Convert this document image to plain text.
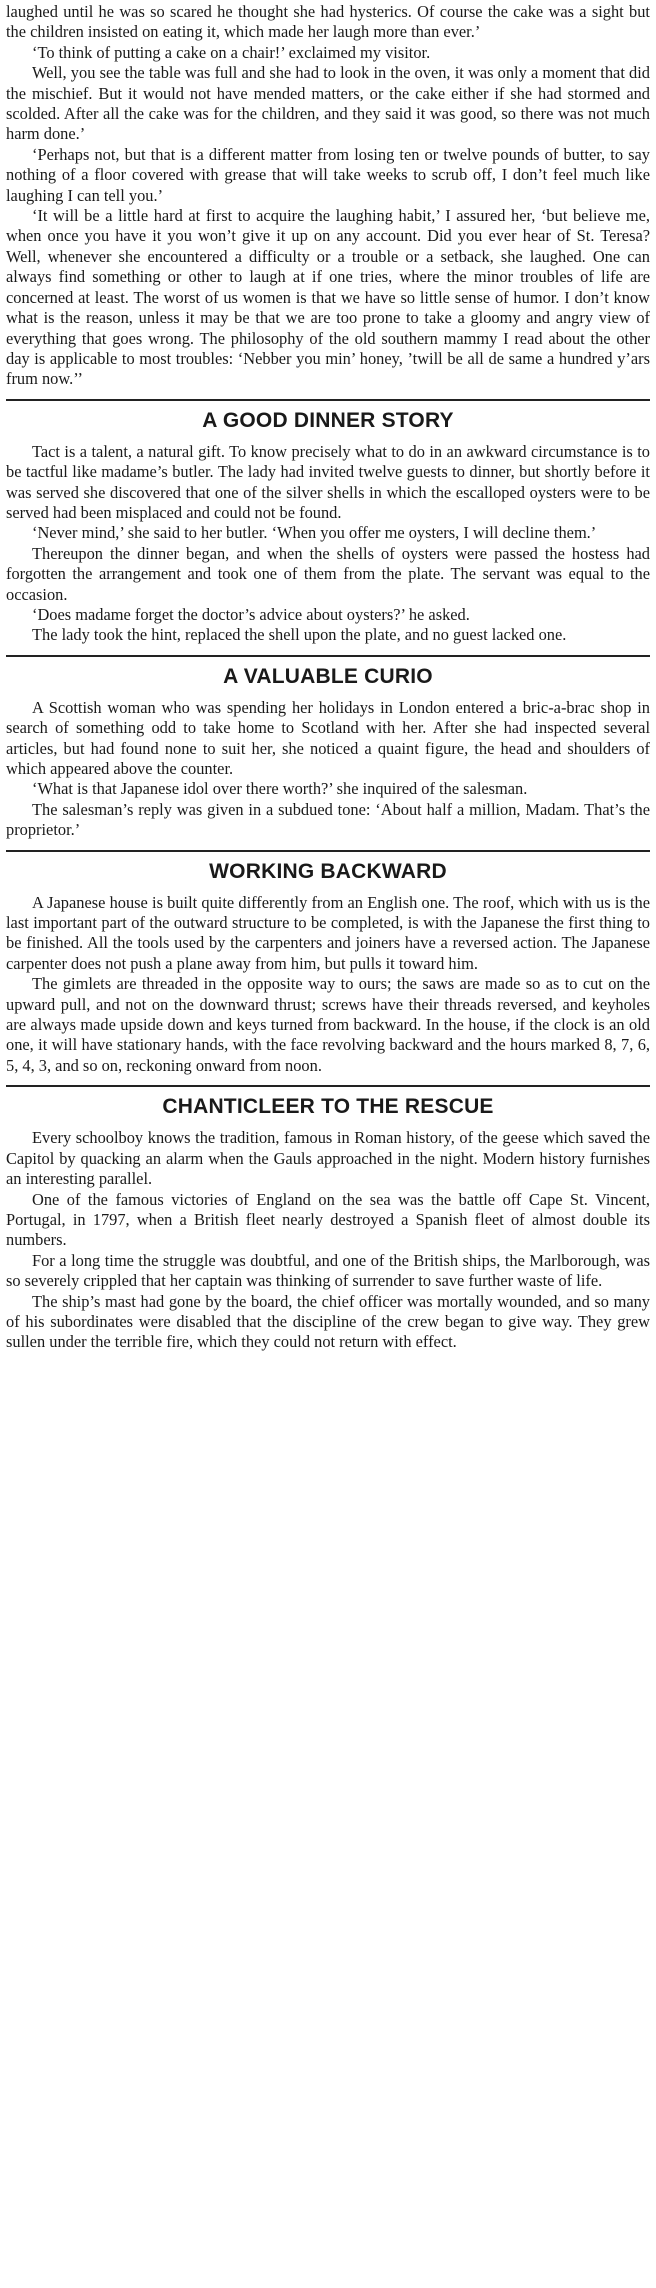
laughed until he was so scared he thought she had hysterics. Of course the cake was a sight but the children insisted on eating it, which made her laugh more than ever.’

‘To think of putting a cake on a chair!’ exclaimed my visitor.

Well, you see the table was full and she had to look in the oven, it was only a moment that did the mischief. But it would not have mended matters, or the cake either if she had stormed and scolded. After all the cake was for the children, and they said it was good, so there was not much harm done.’

‘Perhaps not, but that is a different matter from losing ten or twelve pounds of butter, to say nothing of a floor covered with grease that will take weeks to scrub off, I don’t feel much like laughing I can tell you.’

‘It will be a little hard at first to acquire the laughing habit,’ I assured her, ‘but believe me, when once you have it you won’t give it up on any account. Did you ever hear of St. Teresa? Well, whenever she encountered a difficulty or a trouble or a setback, she laughed. One can always find something or other to laugh at if one tries, where the minor troubles of life are concerned at least. The worst of us women is that we have so little sense of humor. I don’t know what is the reason, unless it may be that we are too prone to take a gloomy and angry view of everything that goes wrong. The philosophy of the old southern mammy I read about the other day is applicable to most troubles: ‘Nebber you min’ honey, ’twill be all de same a hundred y’ars frum now.’’

A GOOD DINNER STORY

Tact is a talent, a natural gift. To know precisely what to do in an awkward circumstance is to be tactful like madame’s butler. The lady had invited twelve guests to dinner, but shortly before it was served she discovered that one of the silver shells in which the escalloped oysters were to be served had been misplaced and could not be found.

‘Never mind,’ she said to her butler. ‘When you offer me oysters, I will decline them.’

Thereupon the dinner began, and when the shells of oysters were passed the hostess had forgotten the arrangement and took one of them from the plate. The servant was equal to the occasion.

‘Does madame forget the doctor’s advice about oysters?’ he asked.

The lady took the hint, replaced the shell upon the plate, and no guest lacked one.

A VALUABLE CURIO

A Scottish woman who was spending her holidays in London entered a bric-a-brac shop in search of something odd to take home to Scotland with her. After she had inspected several articles, but had found none to suit her, she noticed a quaint figure, the head and shoulders of which appeared above the counter.

‘What is that Japanese idol over there worth?’ she inquired of the salesman.

The salesman’s reply was given in a subdued tone: ‘About half a million, Madam. That’s the proprietor.’

WORKING BACKWARD

A Japanese house is built quite differently from an English one. The roof, which with us is the last important part of the outward structure to be completed, is with the Japanese the first thing to be finished. All the tools used by the carpenters and joiners have a reversed action. The Japanese carpenter does not push a plane away from him, but pulls it toward him.

The gimlets are threaded in the opposite way to ours; the saws are made so as to cut on the upward pull, and not on the downward thrust; screws have their threads reversed, and keyholes are always made upside down and keys turned from backward. In the house, if the clock is an old one, it will have stationary hands, with the face revolving backward and the hours marked 8, 7, 6, 5, 4, 3, and so on, reckoning onward from noon.

CHANTICLEER TO THE RESCUE

Every schoolboy knows the tradition, famous in Roman history, of the geese which saved the Capitol by quacking an alarm when the Gauls approached in the night. Modern history furnishes an interesting parallel.

One of the famous victories of England on the sea was the battle off Cape St. Vincent, Portugal, in 1797, when a British fleet nearly destroyed a Spanish fleet of almost double its numbers.

For a long time the struggle was doubtful, and one of the British ships, the Marlborough, was so severely crippled that her captain was thinking of surrender to save further waste of life.

The ship’s mast had gone by the board, the chief officer was mortally wounded, and so many of his subordinates were disabled that the discipline of the crew began to give way. They grew sullen under the terrible fire, which they could not return with effect.
